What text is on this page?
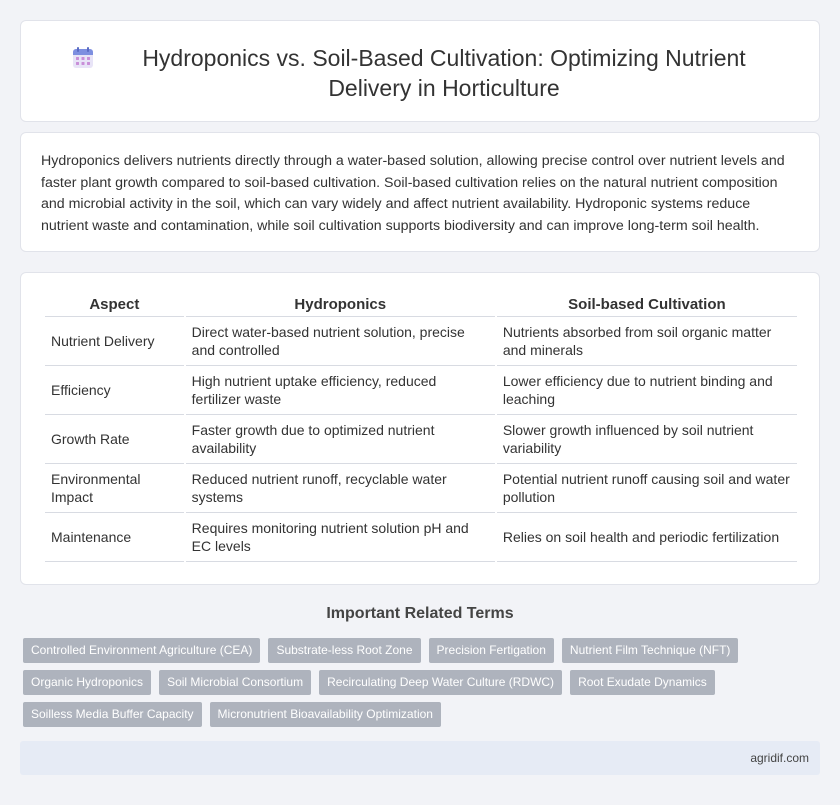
Hydroponics vs. Soil-Based Cultivation: Optimizing Nutrient Delivery in Horticulture

Hydroponics delivers nutrients directly through a water-based solution, allowing precise control over nutrient levels and faster plant growth compared to soil-based cultivation. Soil-based cultivation relies on the natural nutrient composition and microbial activity in the soil, which can vary widely and affect nutrient availability. Hydroponic systems reduce nutrient waste and contamination, while soil cultivation supports biodiversity and can improve long-term soil health.

Aspect	Hydroponics	Soil-based Cultivation
Nutrient Delivery	Direct water-based nutrient solution, precise and controlled	Nutrients absorbed from soil organic matter and minerals
Efficiency	High nutrient uptake efficiency, reduced fertilizer waste	Lower efficiency due to nutrient binding and leaching
Growth Rate	Faster growth due to optimized nutrient availability	Slower growth influenced by soil nutrient variability
Environmental Impact	Reduced nutrient runoff, recyclable water systems	Potential nutrient runoff causing soil and water pollution
Maintenance	Requires monitoring nutrient solution pH and EC levels	Relies on soil health and periodic fertilization
Important Related Terms
Controlled Environment Agriculture (CEA)	Substrate-less Root Zone	Precision Fertigation	Nutrient Film Technique (NFT)
Organic Hydroponics	Soil Microbial Consortium	Recirculating Deep Water Culture (RDWC)	Root Exudate Dynamics
Soilless Media Buffer Capacity	Micronutrient Bioavailability Optimization
agridif.com
